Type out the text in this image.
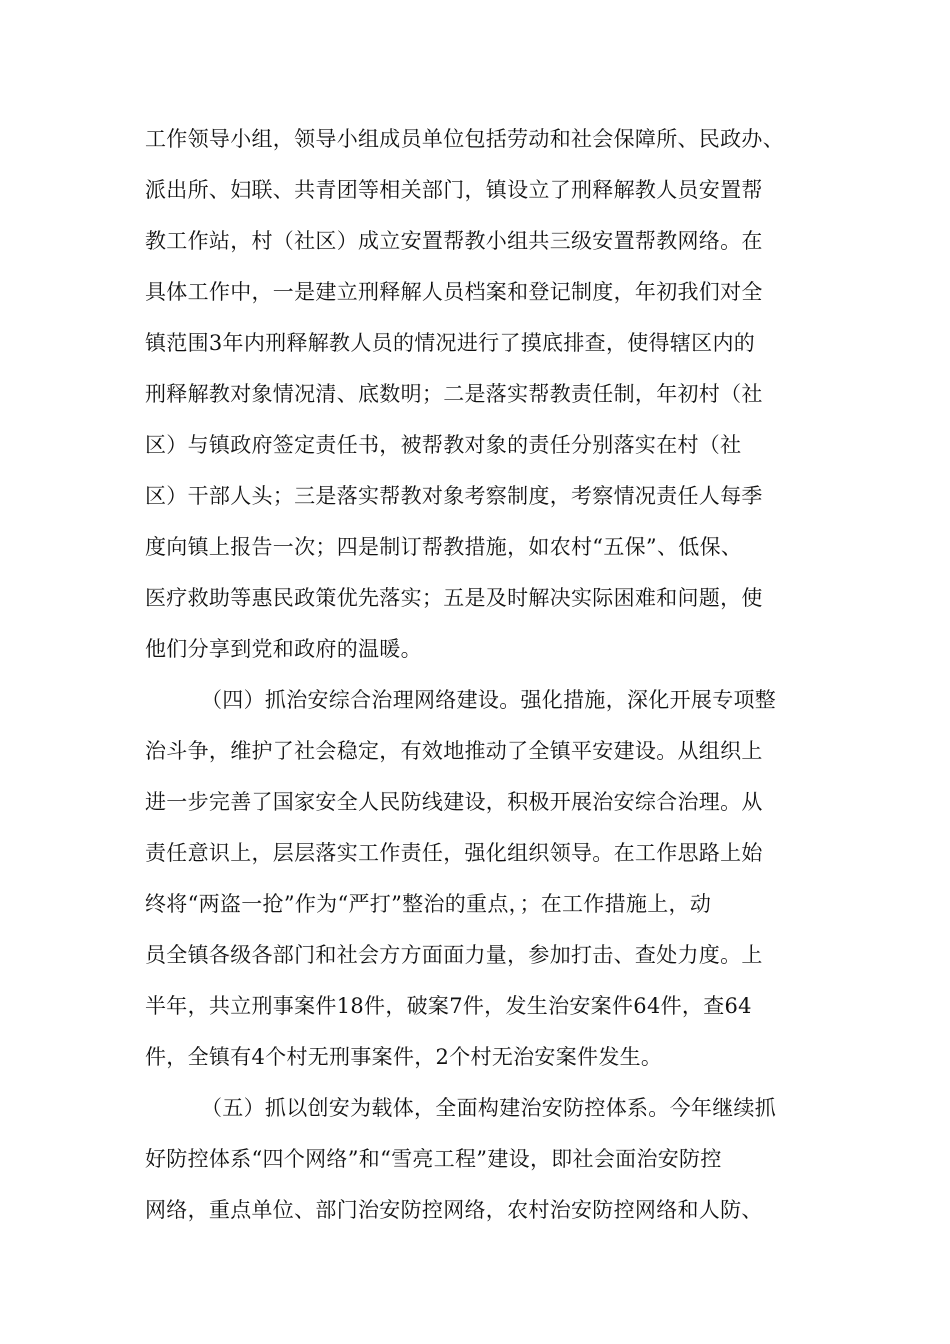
工作领导小组，领导小组成员单位包括劳动和社会保障所、民政办、
派出所、妇联、共青团等相关部门，镇设立了刑释解教人员安置帮
教工作站，村（社区）成立安置帮教小组共三级安置帮教网络。在
具体工作中，一是建立刑释解人员档案和登记制度，年初我们对全
镇范围3年内刑释解教人员的情况进行了摸底排查，使得辖区内的
刑释解教对象情况清、底数明；二是落实帮教责任制，年初村（社
区）与镇政府签定责任书，被帮教对象的责任分别落实在村（社
区）干部人头；三是落实帮教对象考察制度，考察情况责任人每季
度向镇上报告一次；四是制订帮教措施，如农村“五保”、低保、
医疗救助等惠民政策优先落实；五是及时解决实际困难和问题，使
他们分享到党和政府的温暖。
（四）抓治安综合治理网络建设。强化措施，深化开展专项整
治斗争，维护了社会稳定，有效地推动了全镇平安建设。从组织上
进一步完善了国家安全人民防线建设，积极开展治安综合治理。从
责任意识上，层层落实工作责任，强化组织领导。在工作思路上始
终将“两盗一抢”作为“严打”整治的重点，；在工作措施上，动
员全镇各级各部门和社会方方面面力量，参加打击、查处力度。上
半年，共立刑事案件18件，破案7件，发生治安案件64件，查64
件，全镇有4个村无刑事案件，2个村无治安案件发生。
（五）抓以创安为载体，全面构建治安防控体系。今年继续抓
好防控体系“四个网络”和“雪亮工程”建设，即社会面治安防控
网络，重点单位、部门治安防控网络，农村治安防控网络和人防、
